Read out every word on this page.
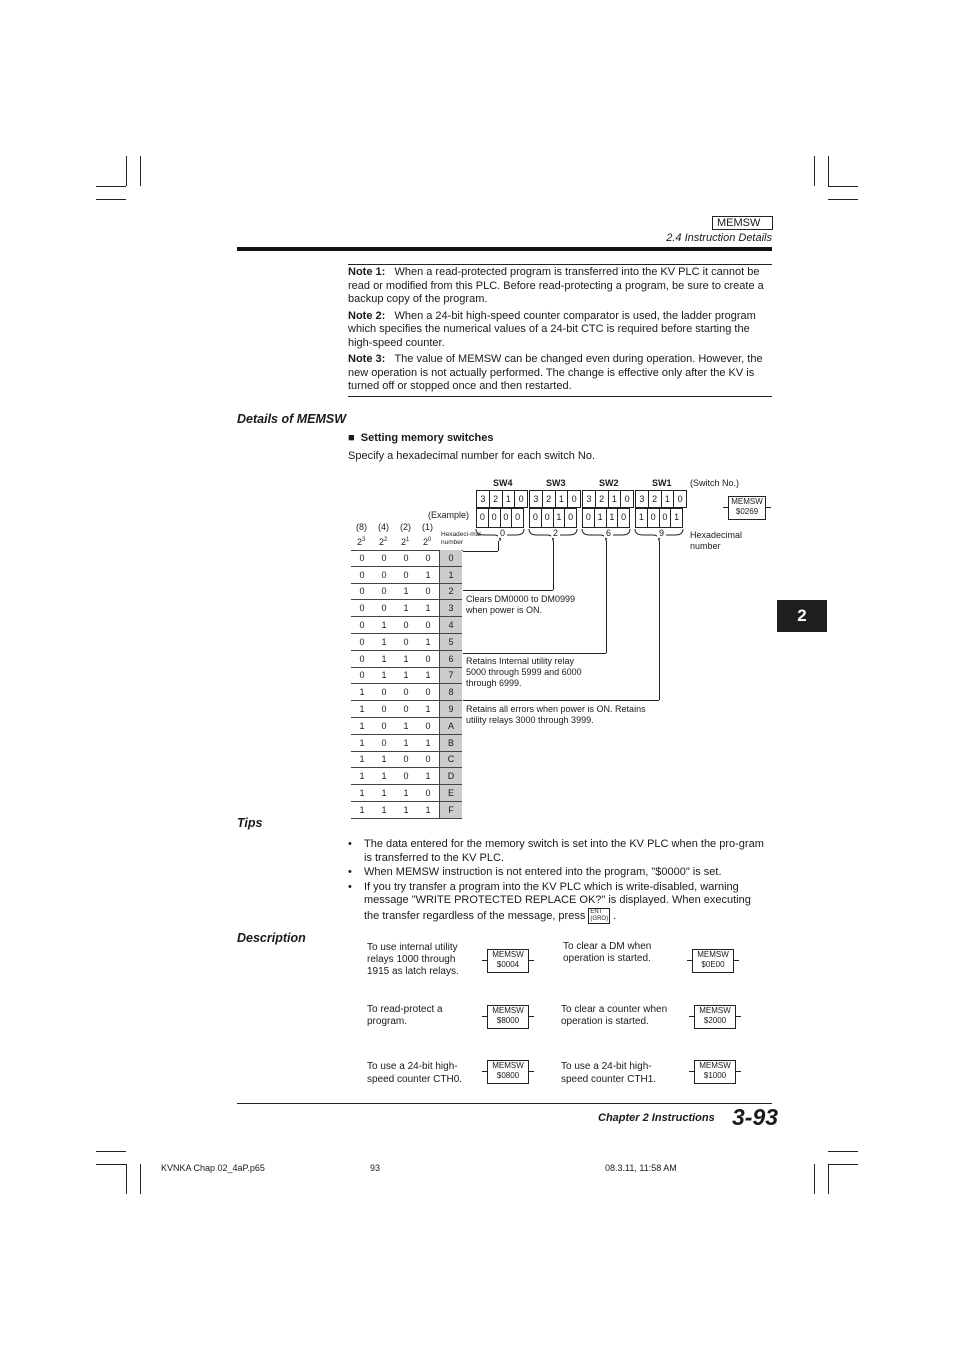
MEMSW
2.4 Instruction Details
Note 1: When a read-protected program is transferred into the KV PLC it cannot be read or modified from this PLC. Before read-protecting a program, be sure to create a backup copy of the program.
Note 2: When a 24-bit high-speed counter comparator is used, the ladder program which specifies the numerical values of a 24-bit CTC is required before starting the high-speed counter.
Note 3: The value of MEMSW can be changed even during operation. However, the new operation is not actually performed. The change is effective only after the KV is turned off or stopped once and then restarted.
Details of MEMSW
■ Setting memory switches
Specify a hexadecimal number for each switch No.
SW4	SW3	SW2	SW1 (Switch No.)
3 2 1 0	3 2 1 0	3 2 1 0	3 2 1 0
(Example)	0 0 0 0	0 0 1 0	0 1 1 0	1 0 0 1
MEMSW
$0269
0	2	6	9	Hexadecimal number
(8) (4) (2) (1)
$2^3$ $2^2$ $2^1$ $2^0$
Hexadeci-mal number
0	0	0	0	0
0	0	0	1	1
0	0	1	0	2
0	0	1	1	3
0	1	0	0	4
0	1	0	1	5
0	1	1	0	6
0	1	1	1	7
1	0	0	0	8
1	0	0	1	9
1	0	1	0	A
1	0	1	1	B
1	1	0	0	C
1	1	0	1	D
1	1	1	0	E
1	1	1	1	F
Clears DM0000 to DM0999 when power is ON.
Retains Internal utility relay 5000 through 5999 and 6000 through 6999.
Retains all errors when power is ON. Retains utility relays 3000 through 3999.
2
Tips
• The data entered for the memory switch is set into the KV PLC when the pro-gram is transferred to the KV PLC.
• When MEMSW instruction is not entered into the program, "$0000" is set.
• If you try transfer a program into the KV PLC which is write-disabled, warning message "WRITE PROTECTED REPLACE OK?" is displayed. When executing the transfer regardless of the message, press ENT
(GRO) .
Description
To use internal utility relays 1000 through 1915 as latch relays.
MEMSW
$0004
To clear a DM when operation is started.	MEMSW
$0E00
To read-protect a program.
MEMSW
$8000
To clear a counter when operation is started.
MEMSW
$2000
To use a 24-bit high-speed counter CTH0.
MEMSW
$0800
To use a 24-bit high-speed counter CTH1.
MEMSW
$1000
Chapter 2 Instructions 3-93
KVNKA Chap 02_4aP.p65	93	08.3.11, 11:58 AM
